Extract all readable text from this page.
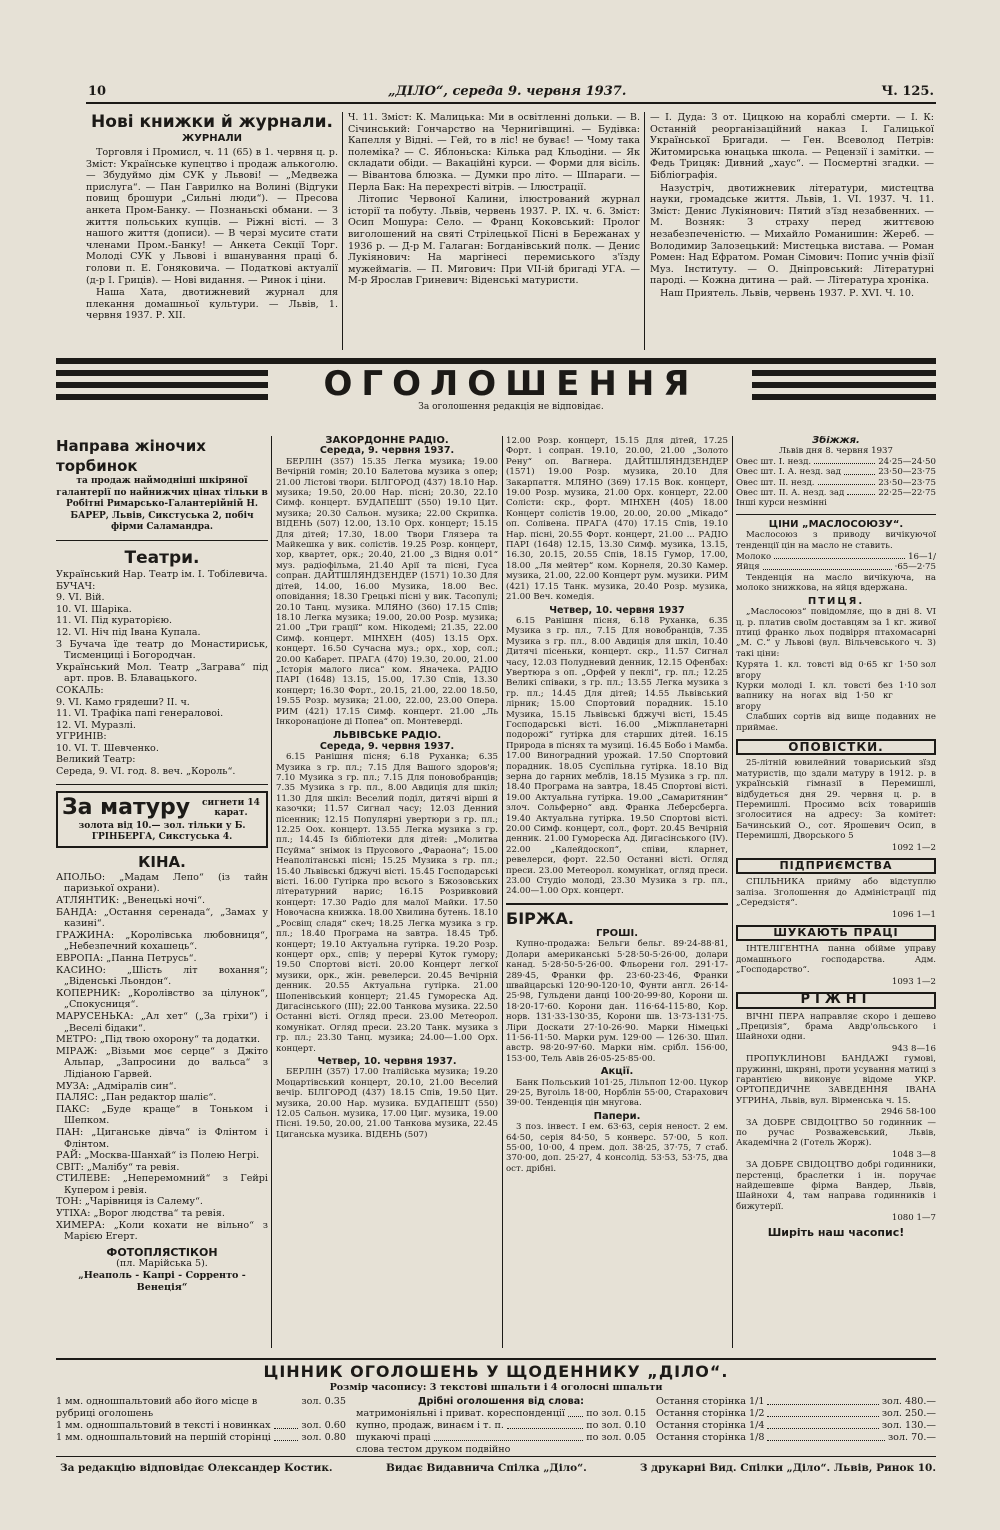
10	„ДІЛО“, середа 9. червня 1937.	Ч. 125.
Нові книжки й журнали.
ЖУРНАЛИ

Торговля і Промисл, ч. 11 (65) в 1. червня ц. р. Зміст: Українське купецтво і продаж алькоголю. — Збудуймо дім СУК у Львові! — „Медвежа прислуга“. — Пан Гаврилко на Волині (Відгуки повищ брошури „Сильні люди“). — Пресова анкета Пром-Банку. — Познаньскі обмани. — З життя польських купців. — Ріжні вісті. — З нашого життя (дописи). — В черзі мусите стати членами Пром.-Банку! — Анкета Секції Торг. Молоді СУК у Львові і вшанування праці б. голови п. Е. Гоняковича. — Податкові актуалії (д-р І. Гриців). — Нові видання. — Ринок і ціни.

Наша Хата, двотижневий журнал для плекання домашньої культури. — Львів, 1. червня 1937. Р. XII.

Ч. 11. Зміст: К. Малицька: Ми в освітленні дольки. — В. Січинський: Гончарство на Чернигівщині. — Будівка: Капелля у Відні. — Гей, то в ліс! не буває! — Чому така полеміка? — С. Яблоньска: Кілька рад Кльодіни. — Як складати обіди. — Вакаційні курси. — Форми для вісіль. — Вівантова блюзка. — Думки про літо. — Шпараги. — Перла Бак: На перехресті вітрів. — Ілюстрації.

Літопис Червоної Калини, ілюстрований журнал історії та побуту. Львів, червень 1937. Р. IX. ч. 6. Зміст: Осип Мошура: Село. — Франц Коковський: Пролог виголошений на святі Стрілецької Пісні в Бережанах у 1936 р. — Д-р М. Галаган: Богданівський полк. — Денис Лукіянович: На маргінесі перемиського з'їзду мужеймагів. — П. Мигович: При VII-ій бригаді УГА. — М-р Ярослав Гриневич: Віденські матуристи.

— І. Дуда: З от. Цицкою на кораблі смерти. — І. К: Останній реорганізаційний наказ І. Галицької Української Бригади. — Ген. Всеволод Петрів: Житомирська юнацька школа. — Рецензії і замітки. — Федь Трицяк: Дивний „хаус“. — Посмертні згадки. — Бібліографія.

Назустріч, двотижневик літератури, мистецтва науки, громадське життя. Львів, 1. VI. 1937. Ч. 11. Зміст: Денис Лукіянович: Пятий з'їзд незабвенних. — М. Возняк: З страху перед життєвою незабезпеченістю. — Михайло Романишин: Жереб. — Володимир Залозецький: Мистецька вистава. — Роман Ромен: Над Ефратом. Роман Сімович: Попис учнів фізії Муз. Інституту. — О. Дніпровський: Літературні пароді. — Кожна дитина — рай. — Література хроніка.

Наш Приятель. Львів, червень 1937. Р. XVI. Ч. 10.

ОГОЛОШЕННЯ
За оголошення редакція не відповідає.
Направа жіночих торбинок

та продаж наймодніші шкіряної галантерії по найнижчих цінах тільки в Робітні Римарсько-Галантерійній Н. БАРЕР, Львів, Сикстуська 2, побіч фірми Саламандра.

Театри.
Український Нар. Театр ім. І. Тобілевича.
БУЧАЧ:
9. VI. Вій.
10. VI. Шаріка.
11. VI. Під кураторією.
12. VI. Ніч під Івана Купала.
З Бучача їде театр до Монастириськ, Тисменциці і Богородчан.
Український Мол. Театр „Заграва“ під арт. пров. В. Блавацького.
СОКАЛЬ:
9. VI. Камо грядеши? II. ч.
11. VI. Трафіка папі генераловоі.
12. VI. Муразлі.
УГРИНІВ:
10. VI. Т. Шевченко.
Великий Театр:
Середа, 9. VI. год. 8. веч. „Король“.
За матуру сигнети 14 карат.
золота від 10.— зол. тільки у Б. ГРІНБЕРГА, Сикстуська 4.
КІНА.
АПОЛЬО: „Мадам Лепо“ (із тайн паризької охрани).
АТЛЯНТИК: „Венецькі ночі“.
БАНДА: „Остання серенада“, „Замах у казині“.
ГРАЖИНА: „Королівська любовниця“, „Небезпечний кохашець“.
ЕВРОПА: „Панна Петрусь“.
КАСИНО: „Шість літ вохання“; „Віденські Льондон“.
КОПЕРНИК: „Королівство за цілунок“, „Спокусниця“.
МАРУСЕНЬКА: „Ал хет“ („За гріхи“) і „Веселі бідаки“.
МЕТРО: „Під твою охорону“ та додатки.
МІРАЖ: „Візьми моє серце“ з Джіто Альпар, „Запросини до вальса“ з Лідіаною Гарвей.
МУЗА: „Адміралів син“.
ПАЛЯС: „Пан редактор шаліє“.
ПАКС: „Буде краще“ в Тоньком і Шепком.
ПАН: „Циганське дівча“ із Флінтом і Флінтом.
РАЙ: „Москва-Шанхай“ із Полею Негрі.
СВІТ: „Малібу“ та ревія.
СТИЛЕВЕ: „Неперемомний“ з Гейрі Купером і ревія.
ТОН: „Чарівниця із Салему“.
УТІХА: „Ворог людства“ та ревія.
ХИМЕРА: „Коли кохати не вільно“ з Марією Егерт.
ФОТОПЛЯСТІКОН
(пл. Марійська 5).
„Неаполь - Капрі - Сорренто - Венеція“
ЗАКОРДОННЕ РАДІО.
Середа, 9. червня 1937.

БЕРЛІН (357) 15.35 Легка музика; 19.00 Вечірній гомін; 20.10 Балетова музика з опер; 21.00 Лістові твори. БІЛГОРОД (437) 18.10 Нар. музика; 19.50, 20.00 Нар. пісні; 20.30, 22.10 Симф. концерт. БУДАПЕШТ (550) 19.10 Цит. музика; 20.30 Сальон. музика; 22.00 Скрипка. ВІДЕНЬ (507) 12.00, 13.10 Орх. концерт; 15.15 Для дітей; 17.30, 18.00 Твори Глязера та Майкешка у вик. солістів. 19.25 Розр. концерт, хор, квартет, орк.; 20.40, 21.00 „З Відня 0.01“ муз. радіофільма, 21.40 Арії та пісні, Гуса сопран. ДАЙТШЛЯНДЗЕНДЕР (1571) 10.30 Для дітей, 14.00, 16.00 Музика, 18.00 Вес. оповідання; 18.30 Грецькі пісні у вик. Тасопулі; 20.10 Танц. музика. МЛЯНО (360) 17.15 Спів; 18.10 Легка музика; 19.00, 20.00 Розр. музика; 21.00 „Три грації“ ком. Нікодемі; 21.35, 22.00 Симф. концерт. МІНХЕН (405) 13.15 Орх. концерт. 16.50 Сучасна муз.; орх., хор, сол.; 20.00 Кабарет. ПРАГА (470) 19.30, 20.00, 21.00 „Історія малого лиса“ ком. Яначека. РАДІО ПАРІ (1648) 13.15, 15.00, 17.30 Спів, 13.30 концерт; 16.30 Форт., 20.15, 21.00, 22.00 18.50, 19.55 Розр. музика; 21.00, 22.00, 23.00 Опера. РИМ (421) 17.15 Симф. концерт. 21.00 „Ль Інкоронаціоне ді Попеа“ оп. Монтеверді.

ЛЬВІВСЬКЕ РАДІО.
Середа, 9. червня 1937.

6.15 Ранішня пісня; 6.18 Руханка; 6.35 Музика з гр. пл.; 7.15 Для Вашого здоров'я; 7.10 Музика з гр. пл.; 7.15 Для поновобранців; 7.35 Музика з гр. пл., 8.00 Авдиція для шкіл; 11.30 Для шкіл: Веселий поділ, дитячі вірші й казочки; 11.57 Сигнал часу; 12.03 Денний пісенник; 12.15 Популярні увертюри з гр. пл.; 12.25 Оох. концерт. 13.55 Легка музика з гр. пл.; 14.45 Із бібліотеки для дітей: „Молитва Псуйма“ знімок із Прусового „Фараона“; 15.00 Неаполітанські пісні; 15.25 Музика з гр. пл.; 15.40 Львівські бджучі вісті. 15.45 Господарські вісті. 16.00 Гутірка про всього з Бжозовських літературний нарис; 16.15 Розривковий концерт: 17.30 Радіо для малої Майки. 17.50 Новочасна книжка. 18.00 Хвилина бутень. 18.10 „Росвіщ сладя“ скеч; 18.25 Легка музика з гр. пл.; 18.40 Програма на завтра. 18.45 Трб. концерт; 19.10 Актуальна гутірка. 19.20 Розр. концерт орх., спів; у перерві Куток гумору; 19.50 Спортові вісті. 20.00 Концерт легкої музики, орк., жін. ревелерси. 20.45 Вечірній денник. 20.55 Актуальна гутірка. 21.00 Шопенівський концерт; 21.45 Гумореска Ад. Дигасінського (III); 22.00 Танкова музика. 22.50 Останні вісті. Огляд преси. 23.00 Метеорол. комунікат. Огляд преси. 23.20 Танк. музика з гр. пл.; 23.30 Танц. музика; 24.00—1.00 Орх. концерт.

Четвер, 10. червня 1937.

БЕРЛІН (357) 17.00 Італійська музика; 19.20 Моцартівський концерт, 20.10, 21.00 Веселий вечір. БІЛГОРОД (437) 18.15 Спів, 19.50 Цит. музика, 20.00 Нар. музика. БУДАПЕШТ (550) 12.05 Сальон. музика, 17.00 Циг. музика, 19.00 Пісні. 19.50, 20.00, 21.00 Танкова музика, 22.45 Циганська музика. ВІДЕНЬ (507)

12.00 Розр. концерт, 15.15 Для дітей, 17.25 Форт. і сопран. 19.10, 20.00, 21.00 „Золото Рену“ оп. Вагнера. ДАЙТШЛЯНДЗЕНДЕР (1571) 19.00 Розр. музика, 20.10 Для Закарпаття. МЛЯНО (369) 17.15 Вок. концерт, 19.00 Розр. музика, 21.00 Орх. концерт, 22.00 Солісти: скр., форт. МІНХЕН (405) 18.00 Концерт солістів 19.00, 20.00, 20.00 „Мікадо“ оп. Солівена. ПРАГА (470) 17.15 Спів, 19.10 Нар. пісні, 20.55 Форт. концерт, 21.00 ... РАДІО ПАРІ (1648) 12.15, 13.30 Симф. музика, 13.15, 16.30, 20.15, 20.55 Спів, 18.15 Гумор, 17.00, 18.00 „Ля мейтер“ ком. Корнеля, 20.30 Камер. музика, 21.00, 22.00 Концерт рум. музики. РИМ (421) 17.15 Танк. музика, 20.40 Розр. музика, 21.00 Веч. комедія.

Четвер, 10. червня 1937

6.15 Ранішня пісня, 6.18 Руханка, 6.35 Музика з гр. пл., 7.15 Для новобранців, 7.35 Музика з гр. пл., 8.00 Авдиція для шкіл, 10.40 Дитячі пісеньки, концерт. скр., 11.57 Сигнал часу, 12.03 Полудневий денник, 12.15 Офенбах: Увертюра з оп. „Орфей у пеклі“, гр. пл.; 12.25 Великі співаки, з гр. пл.; 13.55 Легка музика з гр. пл.; 14.45 Для дітей; 14.55 Львівський лірник; 15.00 Спортовий порадник. 15.10 Музика, 15.15 Львівські бджучі вісті, 15.45 Господарські вісті. 16.00 „Міжпланетарні подорожі“ гутірка для старших дітей. 16.15 Природа в піснях та музиці. 16.45 Бобо і Мамба. 17.00 Виноградний урожай. 17.50 Спортовий порадник. 18.05 Суспільна гутірка. 18.10 Від зерна до гарних меблів, 18.15 Музика з гр. пл. 18.40 Програма на завтра, 18.45 Спортові вісті. 19.00 Актуальна гутірка. 19.00 „Самаритянин“ злоч. Сольферно“ авд. Франка Лєберсберга. 19.40 Актуальна гутірка. 19.50 Спортові вісті. 20.00 Симф. концерт, сол., форт. 20.45 Вечірній денник. 21.00 Гумореска Ад. Дигасінського (IV). 22.00 „Калейдоскоп“, співи, кларнет, ревелерси, форт. 22.50 Останні вісті. Огляд преси. 23.00 Метеорол. комунікат, огляд преси. 23.00 Студіо молоді, 23.30 Музика з гр. пл., 24.00—1.00 Орх. концерт.

БІРЖА.
ГРОШІ.

Купно-продажа: Бельги бельг. 89·24-88·81, Долари американські 5·28·50-5·26·00, долари канад. 5·28·50-5·26·00. Фльорени гол. 291·17-289·45, Франки фр. 23·60-23·46, Франки швайцарські 120·90-120·10, Фунти англ. 26·14-25·98, Гульдени данці 100·20-99·80, Корони ш. 18·20-17·60. Корони дан. 116·64-115·80, Кор. норв. 131·33-130·35, Корони шв. 13·73-131·75. Ліри Доскати 27·10-26·90. Марки Німецькі 11·56-11·50. Марки рум. 129·00 — 126·30. Шил. австр. 98·20-97·60. Марки нім. срібл. 156·00, 153·00, Тель Авів 26·05-25·85·00.

Акції.

Банк Польський 101·25, Лільпоп 12·00. Цукор 29·25, Вугоіль 18·00, Норблін 55·00, Старахович 39·00. Тенденція цін мнугова.

Папери.

3 поз. інвест. І ем. 63·63, серія неност. 2 ем. 64·50, серія 84·50, 5 конверс. 57·00, 5 кол. 55·00, 10·00, 4 прем. дол. 38·25, 37·75, 7 стаб. 370·00, доп. 25·27, 4 консолід. 53·53, 53·75, два ост. дрібні.

Збіжжя.
Львів дня 8. червня 1937
Овес шт. І. незд.	24·25—24·50
Овес шт. І. А. незд. зад	23·50—23·75
Овес шт. ІІ. незд.	23·50—23·75
Овес шт. ІІ. А. незд. зад	22·25—22·75
Інші курси незмінні
ЦІНИ „МАСЛОСОЮЗУ“.

Маслосоюз з приводу вичікуючої тенденції цін на масло не ставить.

Молоко	16—1/
Яйця	·65—2·75

Тенденція на масло вичікуюча, на молоко знижкова, на яйця вдержана.

ПТИЦЯ.

„Маслосоюз“ повідомляє, що в дні 8. VI ц. р. платив своїм доставцям за 1 кг. живої птиці франко льох подвірря птахомасарні „М. С.“ у Львові (вул. Вільчевського ч. 3) такі ціни:

Курята 1. кл. товсті від 0·65 кг вгору
1·50 зол
Курки молоді І. кл. товсті без вапнику на ногах від 1·50 кг вгору
1·10 зол

Слабших сортів від вище подавних не приймає.

ОПОВІСТКИ.

25-літній ювилейний товариський зїзд матуристів, що здали матуру в 1912. р. в українській гімназії в Перемишлі, відбудеться дня 29. червня ц. р. в Перемишлі. Просимо всіх товаришів зголоситися на адресу: За комітет: Бачинський О., сот. Ярошевич Осип, в Перемишлі, Дворського 5

1092 1—2
ПІДПРИЄМСТВА

СПІЛЬНИКА прийму або відступлю заліза. Зголошення до Адміністрації під „Середзістя“.

1096 1—1
ШУКАЮТЬ ПРАЦІ

ІНТЕЛІГЕНТНА панна обійме управу домашнього господарства. Адм. „Господарство“.

1093 1—2
РІЖНІ

ВІЧНІ ПЕРА направляє скоро і дешево „Прецизія“, брама Авдр'ольського і Шайнохи одни.

943 8—16

ПРОПУКЛИНОВІ БАНДАЖІ гумові, пружинні, шкряні, проти усування матиці з гарантією виконує відоме УКР. ОРТОПЕДИЧНЕ ЗАВЕДЕННЯ ІВАНА УГРИНА, Львів, вул. Вірменська ч. 15.

2946 58-100

ЗА ДОБРЕ СВІДОЦТВО 50 годинник — по ручас Розважевський, Львів, Академічна 2 (Готель Жорж).

1048 3—8

ЗА ДОБРЕ СВІДОЦТВО добрі годинники, перстенці, браслетки і ін. поручає найдешевше фірма Вандер, Львів, Шайнохи 4, там направа годинників і бижутерії.

1080 1—7
Ширіть наш часопис!
ЦІННИК ОГОЛОШЕНЬ У ЩОДЕННИКУ „ДІЛО“.
Розмір часопису: 3 текстові шпальти і 4 оголосні шпальти
1 мм. одношпальтовий або його місце в рубриці оголошень
зол. 0.35
1 мм. одношпальтовий в тексті і новинках	зол. 0.60
1 мм. одношпальтовий на першій сторінці	зол. 0.80
Дрібні оголошення від слова:
матримоніяльні і приват. кореспонденції по зол. 0.15
купно, продаж, винаєм і т. п.	по зол. 0.10
шукаючі праці	по зол. 0.05
слова тестом друком подвійно
Остання сторінка 1/1	зол. 480.—
Остання сторінка 1/2	зол. 250.—
Остання сторінка 1/4	зол. 130.—
Остання сторінка 1/8	зол. 70.—
За редакцію відповідає Олександер Костик.	Видає Видавнича Спілка „Діло“.	З друкарні Вид. Спілки „Діло“. Львів, Ринок 10.
